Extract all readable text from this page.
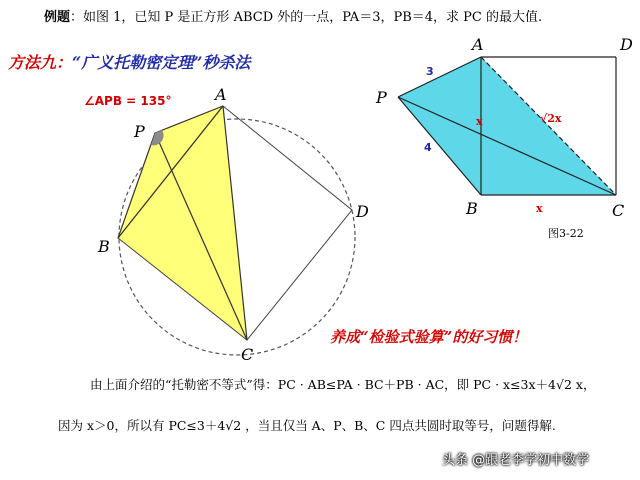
例题：如图 1，已知 P 是正方形 ABCD 外的一点，PA＝3，PB＝4，求 PC 的最大值.
方法九：“广义托勒密定理”秒杀法
∠APB = 135°	A
P
B
C
D
A	D
P
B	C
3
4
x	√2x
x
图3-22
养成“检验式验算”的好习惯！
由上面介绍的“托勒密不等式”得：PC · AB≤PA · BC＋PB · AC，即 PC · x≤3x＋4√2 x，
因为 x＞0，所以有 PC≤3＋4√2 ，当且仅当 A、P、B、C 四点共圆时取等号，问题得解.
头条 @跟老李学初中数学
